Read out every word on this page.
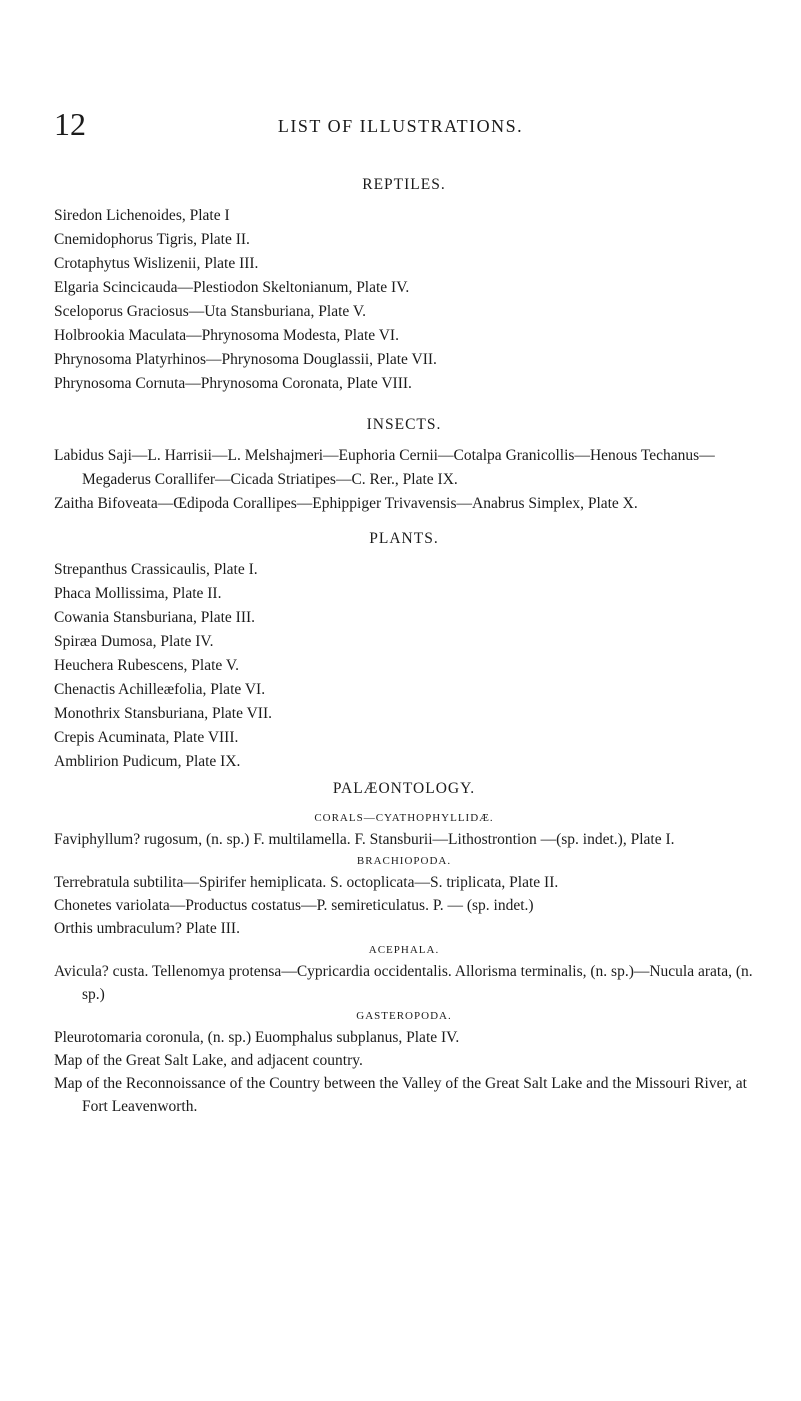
12	LIST OF ILLUSTRATIONS.
REPTILES.
Siredon Lichenoides, Plate I
Cnemidophorus Tigris, Plate II.
Crotaphytus Wislizenii, Plate III.
Elgaria Scincicauda—Plestiodon Skeltonianum, Plate IV.
Sceloporus Graciosus—Uta Stansburiana, Plate V.
Holbrookia Maculata—Phrynosoma Modesta, Plate VI.
Phrynosoma Platyrhinos—Phrynosoma Douglassii, Plate VII.
Phrynosoma Cornuta—Phrynosoma Coronata, Plate VIII.
INSECTS.
Labidus Saji—L. Harrisii—L. Melshajmeri—Euphoria Cernii—Cotalpa Granicollis—Henous Techanus—Megaderus Corallifer—Cicada Striatipes—C. Rer., Plate IX.
Zaitha Bifoveata—Œdipoda Corallipes—Ephippiger Trivavensis—Anabrus Simplex, Plate X.
PLANTS.
Strepanthus Crassicaulis, Plate I.
Phaca Mollissima, Plate II.
Cowania Stansburiana, Plate III.
Spiræa Dumosa, Plate IV.
Heuchera Rubescens, Plate V.
Chenactis Achilleæfolia, Plate VI.
Monothrix Stansburiana, Plate VII.
Crepis Acuminata, Plate VIII.
Amblirion Pudicum, Plate IX.
PALÆONTOLOGY.
CORALS—CYATHOPHYLLIDÆ.
Faviphyllum? rugosum, (n. sp.) F. multilamella. F. Stansburii—Lithostrontion —(sp. indet.), Plate I.
BRACHIOPODA.
Terrebratula subtilita—Spirifer hemiplicata. S. octoplicata—S. triplicata, Plate II.
Chonetes variolata—Productus costatus—P. semireticulatus. P. — (sp. indet.)
Orthis umbraculum? Plate III.
ACEPHALA.
Avicula? custa. Tellenomya protensa—Cypricardia occidentalis. Allorisma terminalis, (n. sp.)—Nucula arata, (n. sp.)
GASTEROPODA.
Pleurotomaria coronula, (n. sp.) Euomphalus subplanus, Plate IV.
Map of the Great Salt Lake, and adjacent country.
Map of the Reconnoissance of the Country between the Valley of the Great Salt Lake and the Missouri River, at Fort Leavenworth.
